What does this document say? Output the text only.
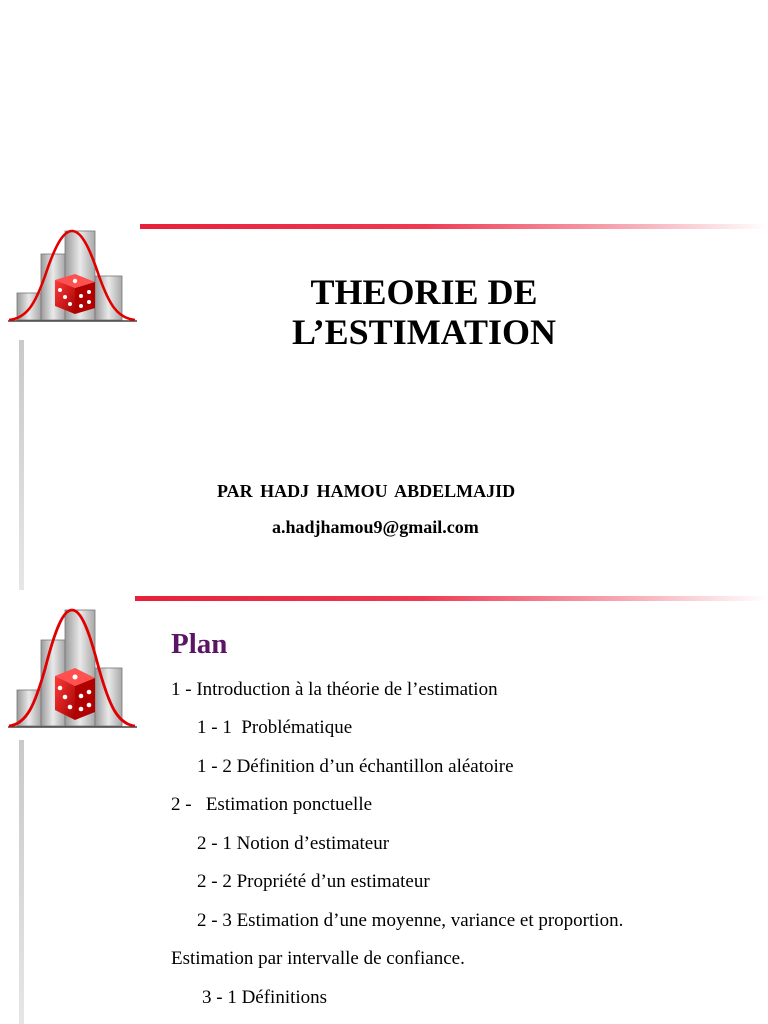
THEORIE DE
L’ESTIMATION
PAR HADJ HAMOU ABDELMAJID
a.hadjhamou9@gmail.com
Plan
1 - Introduction à la théorie de l’estimation
1 - 1  Problématique
1 - 2 Définition d’un échantillon aléatoire
2 -   Estimation ponctuelle
2 - 1 Notion d’estimateur
2 - 2 Propriété d’un estimateur
2 - 3 Estimation d’une moyenne, variance et proportion.
Estimation par intervalle de confiance.
3 - 1 Définitions
